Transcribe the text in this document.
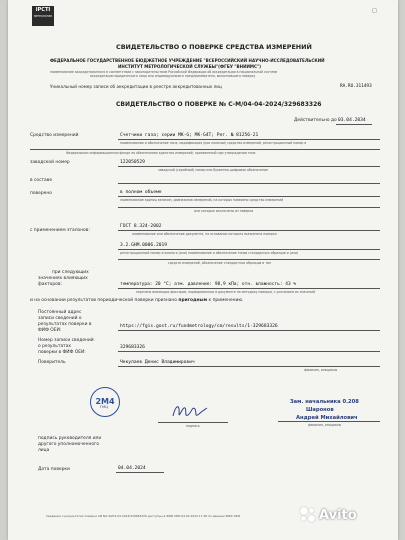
IPCTI
МЕТРОЛОГИЯ
□
СВИДЕТЕЛЬСТВО О ПОВЕРКЕ СРЕДСТВА ИЗМЕРЕНИЙ
ФЕДЕРАЛЬНОЕ ГОСУДАРСТВЕННОЕ БЮДЖЕТНОЕ УЧРЕЖДЕНИЕ "ВСЕРОССИЙСКИЙ НАУЧНО-ИССЛЕДОВАТЕЛЬСКИЙ
ИНСТИТУТ МЕТРОЛОГИЧЕСКОЙ СЛУЖБЫ"(ФГБУ "ВНИИМС")
наименование аккредитованного в соответствии с законодательством Российской Федерации об аккредитации в национальной системе
аккредитации юридического лица или индивидуального предпринимателя, выполнившего поверку
Уникальный номер записи об аккредитации в реестре аккредитованных лиц	RA.RU.311493
СВИДЕТЕЛЬСТВО О ПОВЕРКЕ № С-М/04-04-2024/329683326
Действительно до 03.04.2034
Средство измерений	Счетчики газа; серии МК-G; МК-G4Т; Рег. № 81256-21
наименование и обозначение типа, модификация (при наличии) средства измерений, регистрационный номер в
Федеральном информационном фонде по обеспечению единства измерений, присвоенный при утверждении типа
заводской номер	122050529
заводской (серийный) номер или буквенно-цифровое обозначение
в составе
поверено	в полном объеме
наименование единиц величин, диапазонов измерений, на которых поверено средство измерений
или которые исключены из поверки
с применением эталонов:
ГОСТ 8.324-2002
наименование или обозначение документа, на основании которого выполнена поверка
3.2.GHM.0006.2019
регистрационный номер эталона и (или) наименование и обозначение типов стандартных образцов и (или)
средств измерений, обозначение стандартных образцов и тип
при следующих
значениях влияющих
факторов:	температура: 20 °С; атм. давление: 98,9 кПа; отн. влажность: 43 %
перечень влияющих факторов, нормированных в документе на методику поверки, с указанием их значений
и на основании результатов периодической поверки признано пригодным к применению.
Постоянный адрес
записи сведений о
результатах поверки в
ФИФ ОЕИ:
https://fgis.gost.ru/fundmetrology/cm/results/1-329683326
Номер записи сведений
о результатах
поверки в ФИФ ОЕИ:
329683326
Поверитель	Чекулаев Денис Владимирович
фамилия, инициалы
2М4
ГМЦ
подпись
подпись руководителя или
другого уполномоченного
лица
Зам. начальника 0.208
Шаронов
Андрей Михайлович
фамилия, инициалы
Дата поверки	04.04.2024
Сведения о результатах поверки СИ №С-М/04-04-2024/329683326 доступны в ФИФ ОЕИ 04.04.2024 17:28 по данным ФИФ ОЕИ	Avito
